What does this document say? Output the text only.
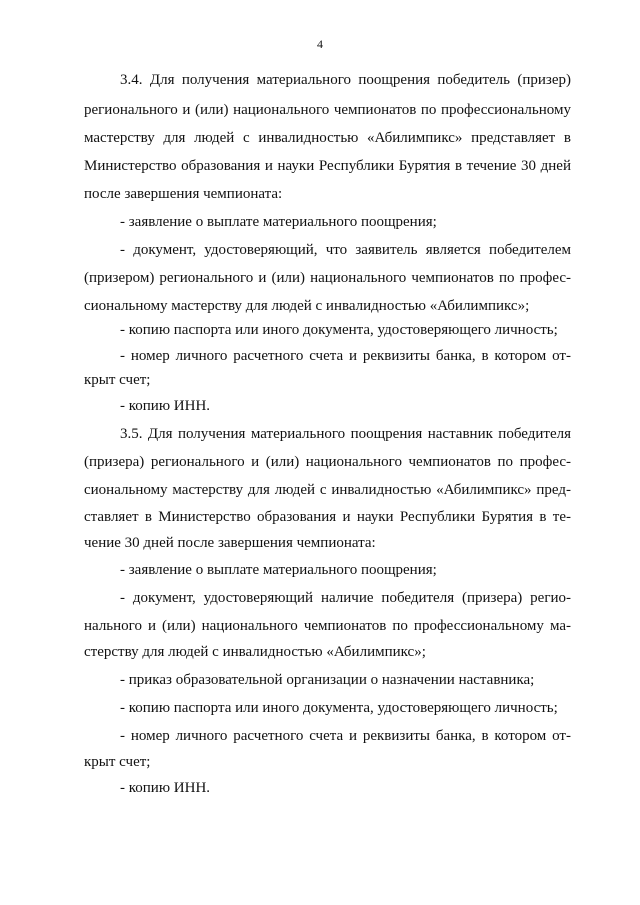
4
3.4. Для получения материального поощрения победитель (призер)
регионального и (или) национального чемпионатов по профессиональному
мастерству для людей с инвалидностью «Абилимпикс» представляет в
Министерство образования и науки Республики Бурятия в течение 30 дней
после завершения чемпионата:
- заявление о выплате материального поощрения;
- документ, удостоверяющий, что заявитель является победителем
(призером) регионального и (или) национального чемпионатов по профес-
сиональному мастерству для людей с инвалидностью «Абилимпикс»;
- копию паспорта или иного документа, удостоверяющего личность;
- номер личного расчетного счета и реквизиты банка, в котором от-
крыт счет;
- копию ИНН.
3.5. Для получения материального поощрения наставник победителя
(призера) регионального и (или) национального чемпионатов по профес-
сиональному мастерству для людей с инвалидностью «Абилимпикс» пред-
ставляет в Министерство образования и науки Республики Бурятия в те-
чение 30 дней после завершения чемпионата:
- заявление о выплате материального поощрения;
- документ, удостоверяющий наличие победителя (призера) регио-
нального и (или) национального чемпионатов по профессиональному ма-
стерству для людей с инвалидностью «Абилимпикс»;
- приказ образовательной организации о назначении наставника;
- копию паспорта или иного документа, удостоверяющего личность;
- номер личного расчетного счета и реквизиты банка, в котором от-
крыт счет;
- копию ИНН.
